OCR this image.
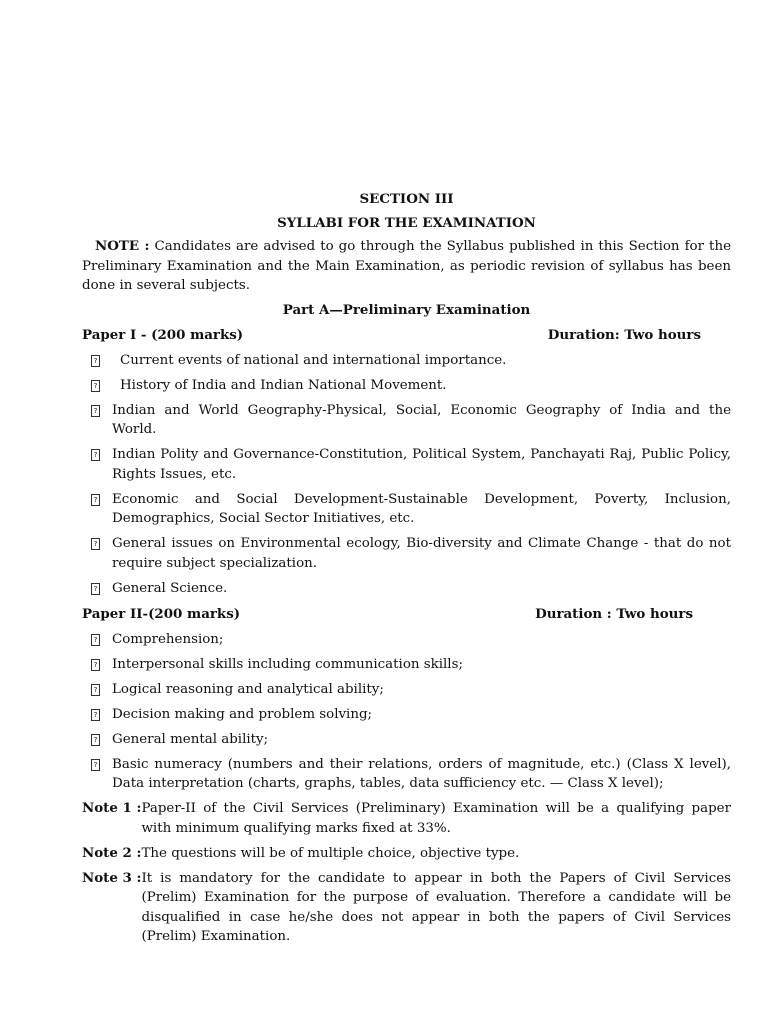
SECTION III
SYLLABI FOR THE EXAMINATION

NOTE : Candidates are advised to go through the Syllabus published in this Section for the Preliminary Examination and the Main Examination, as periodic revision of syllabus has been done in several subjects.

Part A—Preliminary Examination
Paper I - (200 marks)	Duration: Two hours
? Current events of national and international importance.
? History of India and Indian National Movement.
? Indian and World Geography-Physical, Social, Economic Geography of India and the World.
? Indian Polity and Governance-Constitution, Political System, Panchayati Raj, Public Policy, Rights Issues, etc.
? Economic and Social Development-Sustainable Development, Poverty, Inclusion, Demographics, Social Sector Initiatives, etc.
? General issues on Environmental ecology, Bio-diversity and Climate Change - that do not require subject specialization.
? General Science.
Paper II-(200 marks)	Duration : Two hours
? Comprehension;
? Interpersonal skills including communication skills;
? Logical reasoning and analytical ability;
? Decision making and problem solving;
? General mental ability;
? Basic numeracy (numbers and their relations, orders of magnitude, etc.) (Class X level), Data interpretation (charts, graphs, tables, data sufficiency etc. — Class X level);
Note 1 : Paper-II of the Civil Services (Preliminary) Examination will be a qualifying paper with minimum qualifying marks fixed at 33%.
Note 2 : The questions will be of multiple choice, objective type.
Note 3 : It is mandatory for the candidate to appear in both the Papers of Civil Services (Prelim) Examination for the purpose of evaluation. Therefore a candidate will be disqualified in case he/she does not appear in both the papers of Civil Services (Prelim) Examination.
